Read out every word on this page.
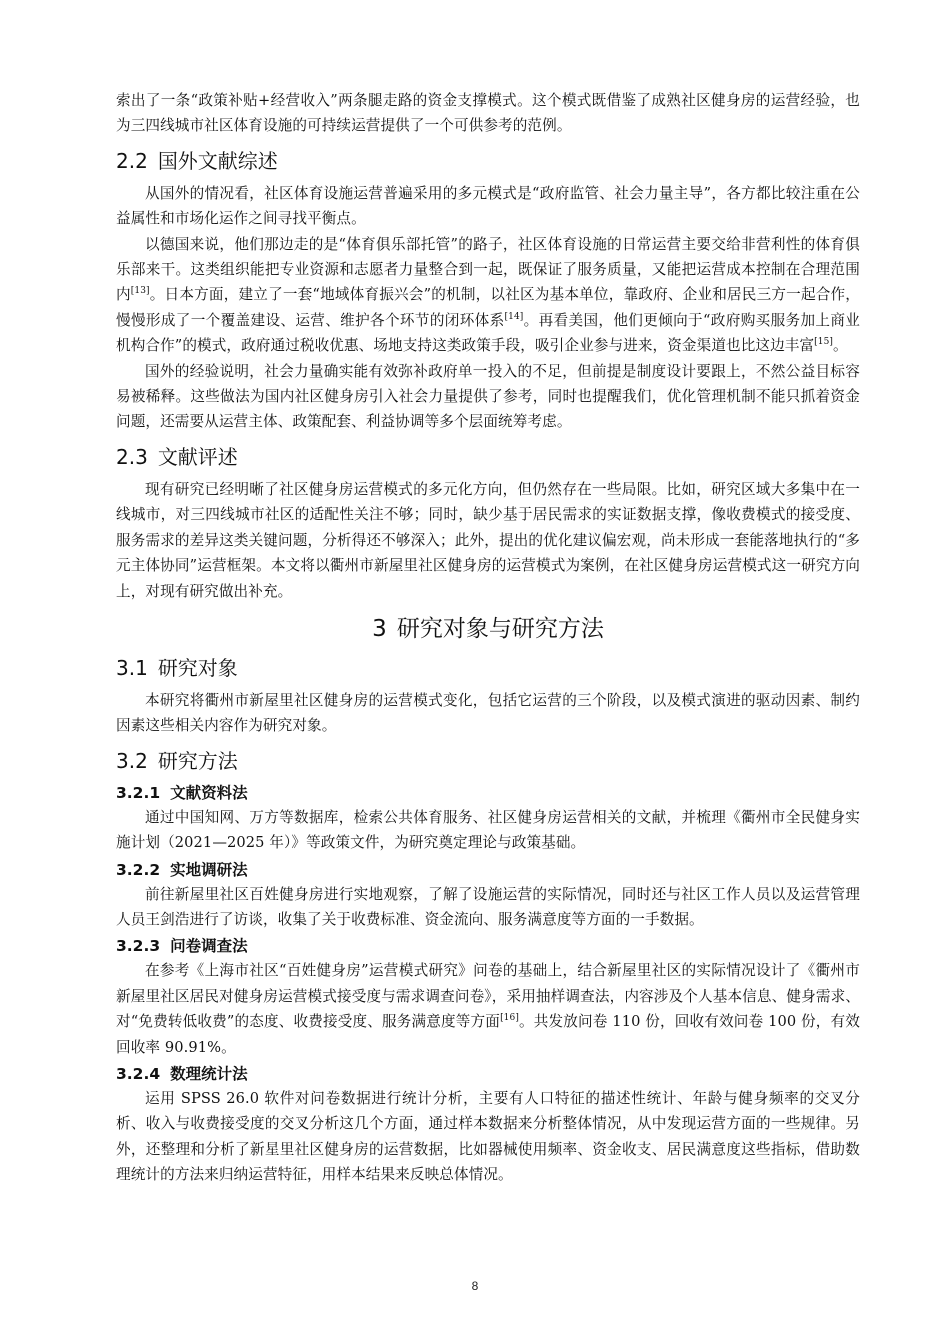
索出了一条“政策补贴+经营收入”两条腿走路的资金支撑模式。这个模式既借鉴了成熟社区健身房的运营经验，也为三四线城市社区体育设施的可持续运营提供了一个可供参考的范例。

2.2 国外文献综述

从国外的情况看，社区体育设施运营普遍采用的多元模式是“政府监管、社会力量主导”，各方都比较注重在公益属性和市场化运作之间寻找平衡点。

以德国来说，他们那边走的是“体育俱乐部托管”的路子，社区体育设施的日常运营主要交给非营利性的体育俱乐部来干。这类组织能把专业资源和志愿者力量整合到一起，既保证了服务质量，又能把运营成本控制在合理范围内[13]。日本方面，建立了一套“地域体育振兴会”的机制，以社区为基本单位，靠政府、企业和居民三方一起合作，慢慢形成了一个覆盖建设、运营、维护各个环节的闭环体系[14]。再看美国，他们更倾向于“政府购买服务加上商业机构合作”的模式，政府通过税收优惠、场地支持这类政策手段，吸引企业参与进来，资金渠道也比这边丰富[15]。

国外的经验说明，社会力量确实能有效弥补政府单一投入的不足，但前提是制度设计要跟上，不然公益目标容易被稀释。这些做法为国内社区健身房引入社会力量提供了参考，同时也提醒我们，优化管理机制不能只抓着资金问题，还需要从运营主体、政策配套、利益协调等多个层面统筹考虑。

2.3 文献评述

现有研究已经明晰了社区健身房运营模式的多元化方向，但仍然存在一些局限。比如，研究区域大多集中在一线城市，对三四线城市社区的适配性关注不够；同时，缺少基于居民需求的实证数据支撑，像收费模式的接受度、服务需求的差异这类关键问题，分析得还不够深入；此外，提出的优化建议偏宏观，尚未形成一套能落地执行的“多元主体协同”运营框架。本文将以衢州市新屋里社区健身房的运营模式为案例，在社区健身房运营模式这一研究方向上，对现有研究做出补充。

3 研究对象与研究方法
3.1 研究对象

本研究将衢州市新屋里社区健身房的运营模式变化，包括它运营的三个阶段，以及模式演进的驱动因素、制约因素这些相关内容作为研究对象。

3.2 研究方法
3.2.1 文献资料法

通过中国知网、万方等数据库，检索公共体育服务、社区健身房运营相关的文献，并梳理《衢州市全民健身实施计划（2021—2025 年）》等政策文件，为研究奠定理论与政策基础。

3.2.2 实地调研法

前往新屋里社区百姓健身房进行实地观察，了解了设施运营的实际情况，同时还与社区工作人员以及运营管理人员王剑浩进行了访谈，收集了关于收费标准、资金流向、服务满意度等方面的一手数据。

3.2.3 问卷调查法

在参考《上海市社区“百姓健身房”运营模式研究》问卷的基础上，结合新屋里社区的实际情况设计了《衢州市新屋里社区居民对健身房运营模式接受度与需求调查问卷》，采用抽样调查法，内容涉及个人基本信息、健身需求、对“免费转低收费”的态度、收费接受度、服务满意度等方面[16]。共发放问卷 110 份，回收有效问卷 100 份，有效回收率 90.91%。

3.2.4 数理统计法

运用 SPSS 26.0 软件对问卷数据进行统计分析，主要有人口特征的描述性统计、年龄与健身频率的交叉分析、收入与收费接受度的交叉分析这几个方面，通过样本数据来分析整体情况，从中发现运营方面的一些规律。另外，还整理和分析了新星里社区健身房的运营数据，比如器械使用频率、资金收支、居民满意度这些指标，借助数理统计的方法来归纳运营特征，用样本结果来反映总体情况。

8
